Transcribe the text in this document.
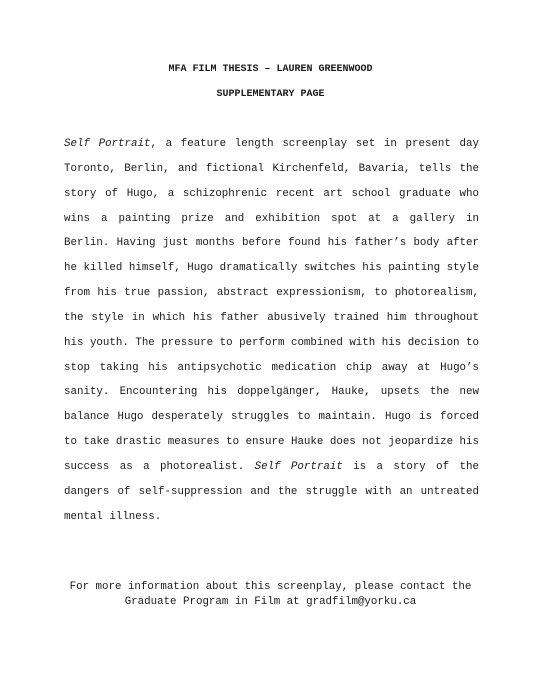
MFA FILM THESIS – LAUREN GREENWOOD
SUPPLEMENTARY PAGE
Self Portrait, a feature length screenplay set in present day
Toronto, Berlin, and fictional Kirchenfeld, Bavaria, tells the
story of Hugo, a schizophrenic recent art school graduate who
wins a painting prize and exhibition spot at a gallery in
Berlin. Having just months before found his father’s body after
he killed himself, Hugo dramatically switches his painting style
from his true passion, abstract expressionism, to photorealism,
the style in which his father abusively trained him throughout
his youth. The pressure to perform combined with his decision to
stop taking his antipsychotic medication chip away at Hugo’s
sanity. Encountering his doppelgänger, Hauke, upsets the new
balance Hugo desperately struggles to maintain. Hugo is forced
to take drastic measures to ensure Hauke does not jeopardize his
success as a photorealist. Self Portrait is a story of the
dangers of self-suppression and the struggle with an untreated
mental illness.
For more information about this screenplay, please contact the
Graduate Program in Film at gradfilm@yorku.ca
